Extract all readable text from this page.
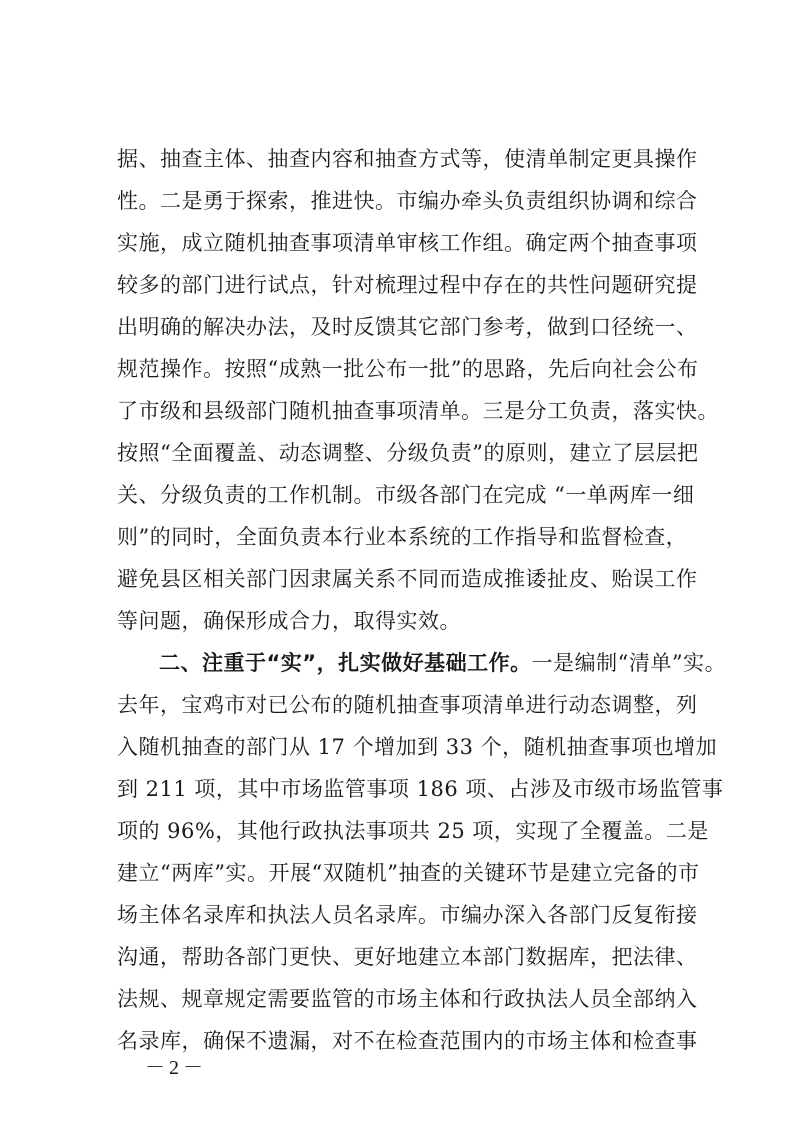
据、抽查主体、抽查内容和抽查方式等，使清单制定更具操作
性。二是勇于探索，推进快。市编办牵头负责组织协调和综合
实施，成立随机抽查事项清单审核工作组。确定两个抽查事项
较多的部门进行试点，针对梳理过程中存在的共性问题研究提
出明确的解决办法，及时反馈其它部门参考，做到口径统一、
规范操作。按照“成熟一批公布一批”的思路，先后向社会公布
了市级和县级部门随机抽查事项清单。三是分工负责，落实快。
按照“全面覆盖、动态调整、分级负责”的原则，建立了层层把
关、分级负责的工作机制。市级各部门在完成 “一单两库一细
则”的同时，全面负责本行业本系统的工作指导和监督检查，
避免县区相关部门因隶属关系不同而造成推诿扯皮、贻误工作
等问题，确保形成合力，取得实效。
二、注重于“实”，扎实做好基础工作。一是编制“清单”实。
去年，宝鸡市对已公布的随机抽查事项清单进行动态调整，列
入随机抽查的部门从 17 个增加到 33 个，随机抽查事项也增加
到 211 项，其中市场监管事项 186 项、占涉及市级市场监管事
项的 96%，其他行政执法事项共 25 项，实现了全覆盖。二是
建立“两库”实。开展“双随机”抽查的关键环节是建立完备的市
场主体名录库和执法人员名录库。市编办深入各部门反复衔接
沟通，帮助各部门更快、更好地建立本部门数据库，把法律、
法规、规章规定需要监管的市场主体和行政执法人员全部纳入
名录库，确保不遗漏，对不在检查范围内的市场主体和检查事
－2－
